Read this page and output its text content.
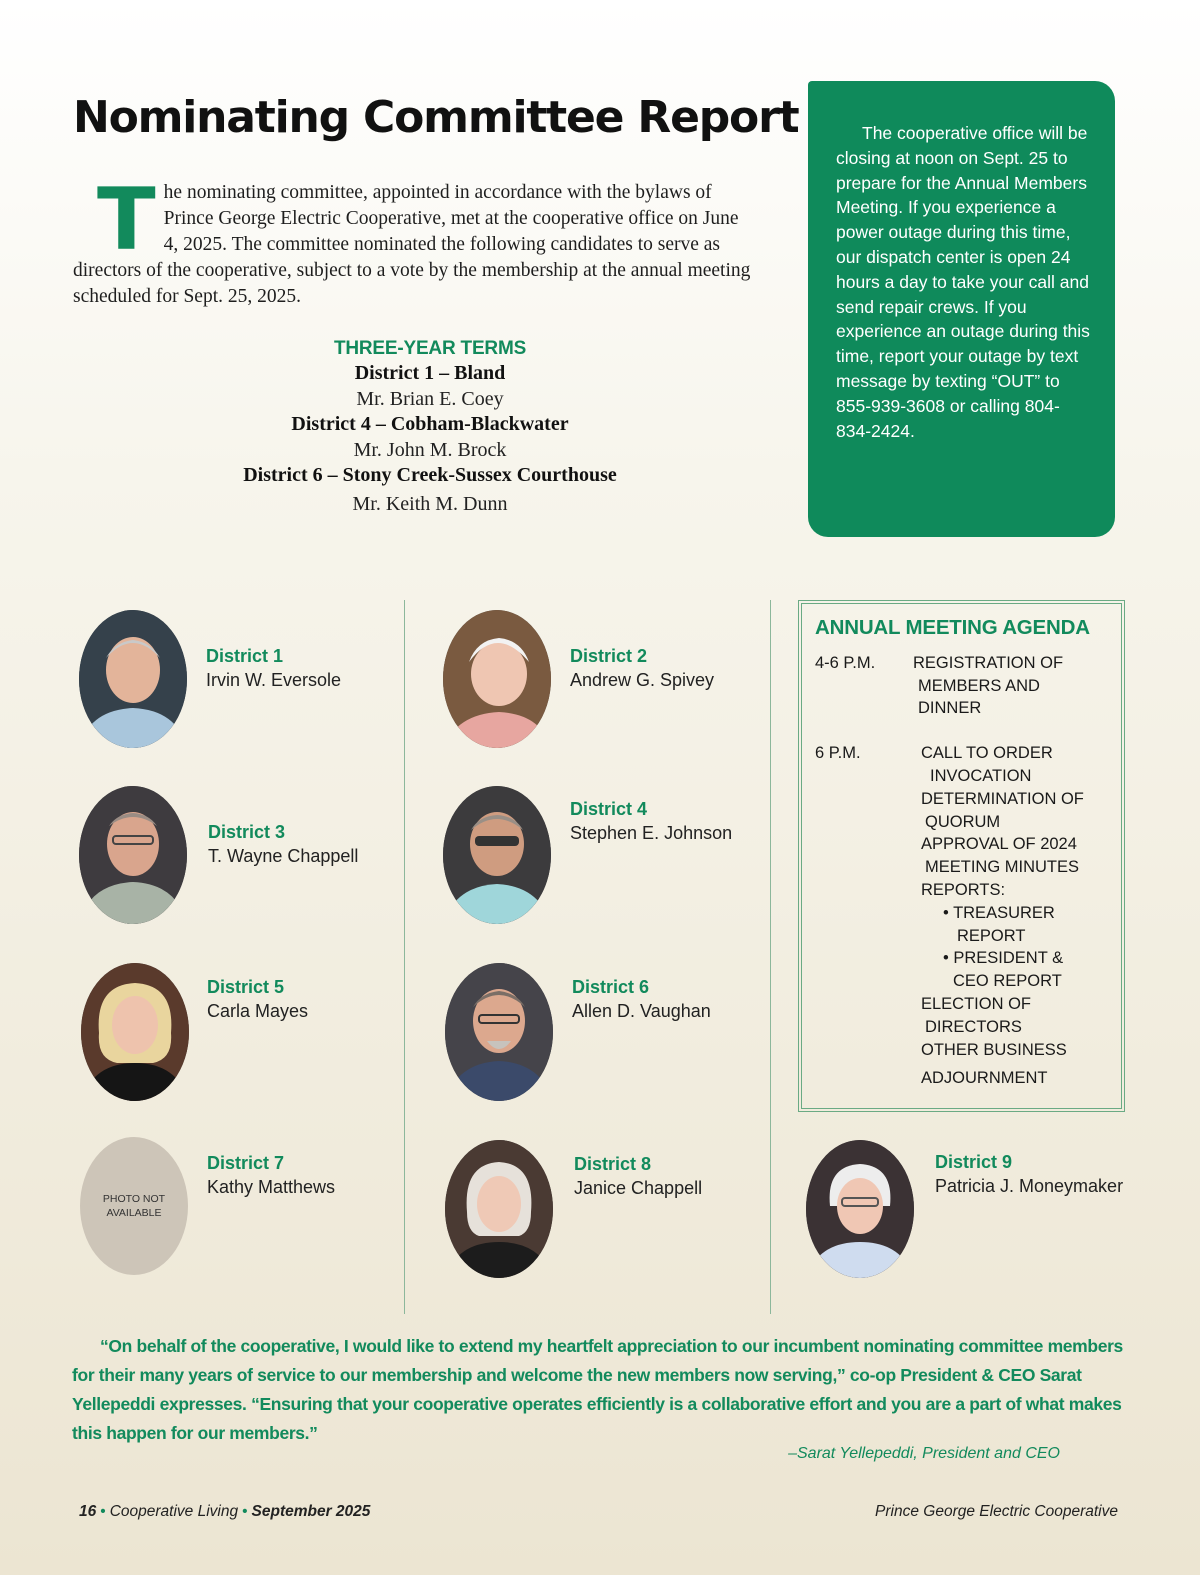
Nominating Committee Report
The nominating committee, appointed in accordance with the bylaws of Prince George Electric Cooperative, met at the cooperative office on June 4, 2025. The committee nominated the following candidates to serve as directors of the cooperative, subject to a vote by the membership at the annual meeting scheduled for Sept. 25, 2025.
THREE-YEAR TERMS
District 1 – Bland
Mr. Brian E. Coey
District 4 – Cobham-Blackwater
Mr. John M. Brock
District 6 – Stony Creek-Sussex Courthouse
Mr. Keith M. Dunn

The cooperative office will be closing at noon on Sept. 25 to prepare for the Annual Members Meeting. If you experience a power outage during this time, our dispatch center is open 24 hours a day to take your call and send repair crews. If you experience an outage during this time, report your outage by text message by texting “OUT” to 855-939-3608 or calling 804-834-2424.

District 1
Irvin W. Eversole
District 2
Andrew G. Spivey
District 3
T. Wayne Chappell
District 4
Stephen E. Johnson
District 5
Carla Mayes
District 6
Allen D. Vaughan
PHOTO NOT AVAILABLE
District 7
Kathy Matthews
District 8
Janice Chappell
District 9
Patricia J. Moneymaker
ANNUAL MEETING AGENDA
4-6 P.M. REGISTRATION OF
MEMBERS AND
DINNER
6 P.M.	CALL TO ORDER
INVOCATION
DETERMINATION OF
QUORUM
APPROVAL OF 2024
MEETING MINUTES
REPORTS:
• TREASURER
REPORT
• PRESIDENT &
CEO REPORT
ELECTION OF
DIRECTORS
OTHER BUSINESS
ADJOURNMENT

“On behalf of the cooperative, I would like to extend my heartfelt appreciation to our incumbent nominating committee members for their many years of service to our membership and welcome the new members now serving,” co-op President & CEO Sarat Yellepeddi expresses. “Ensuring that your cooperative operates efficiently is a collaborative effort and you are a part of what makes this happen for our members.”

–Sarat Yellepeddi, President and CEO
16 • Cooperative Living • September 2025	Prince George Electric Cooperative
